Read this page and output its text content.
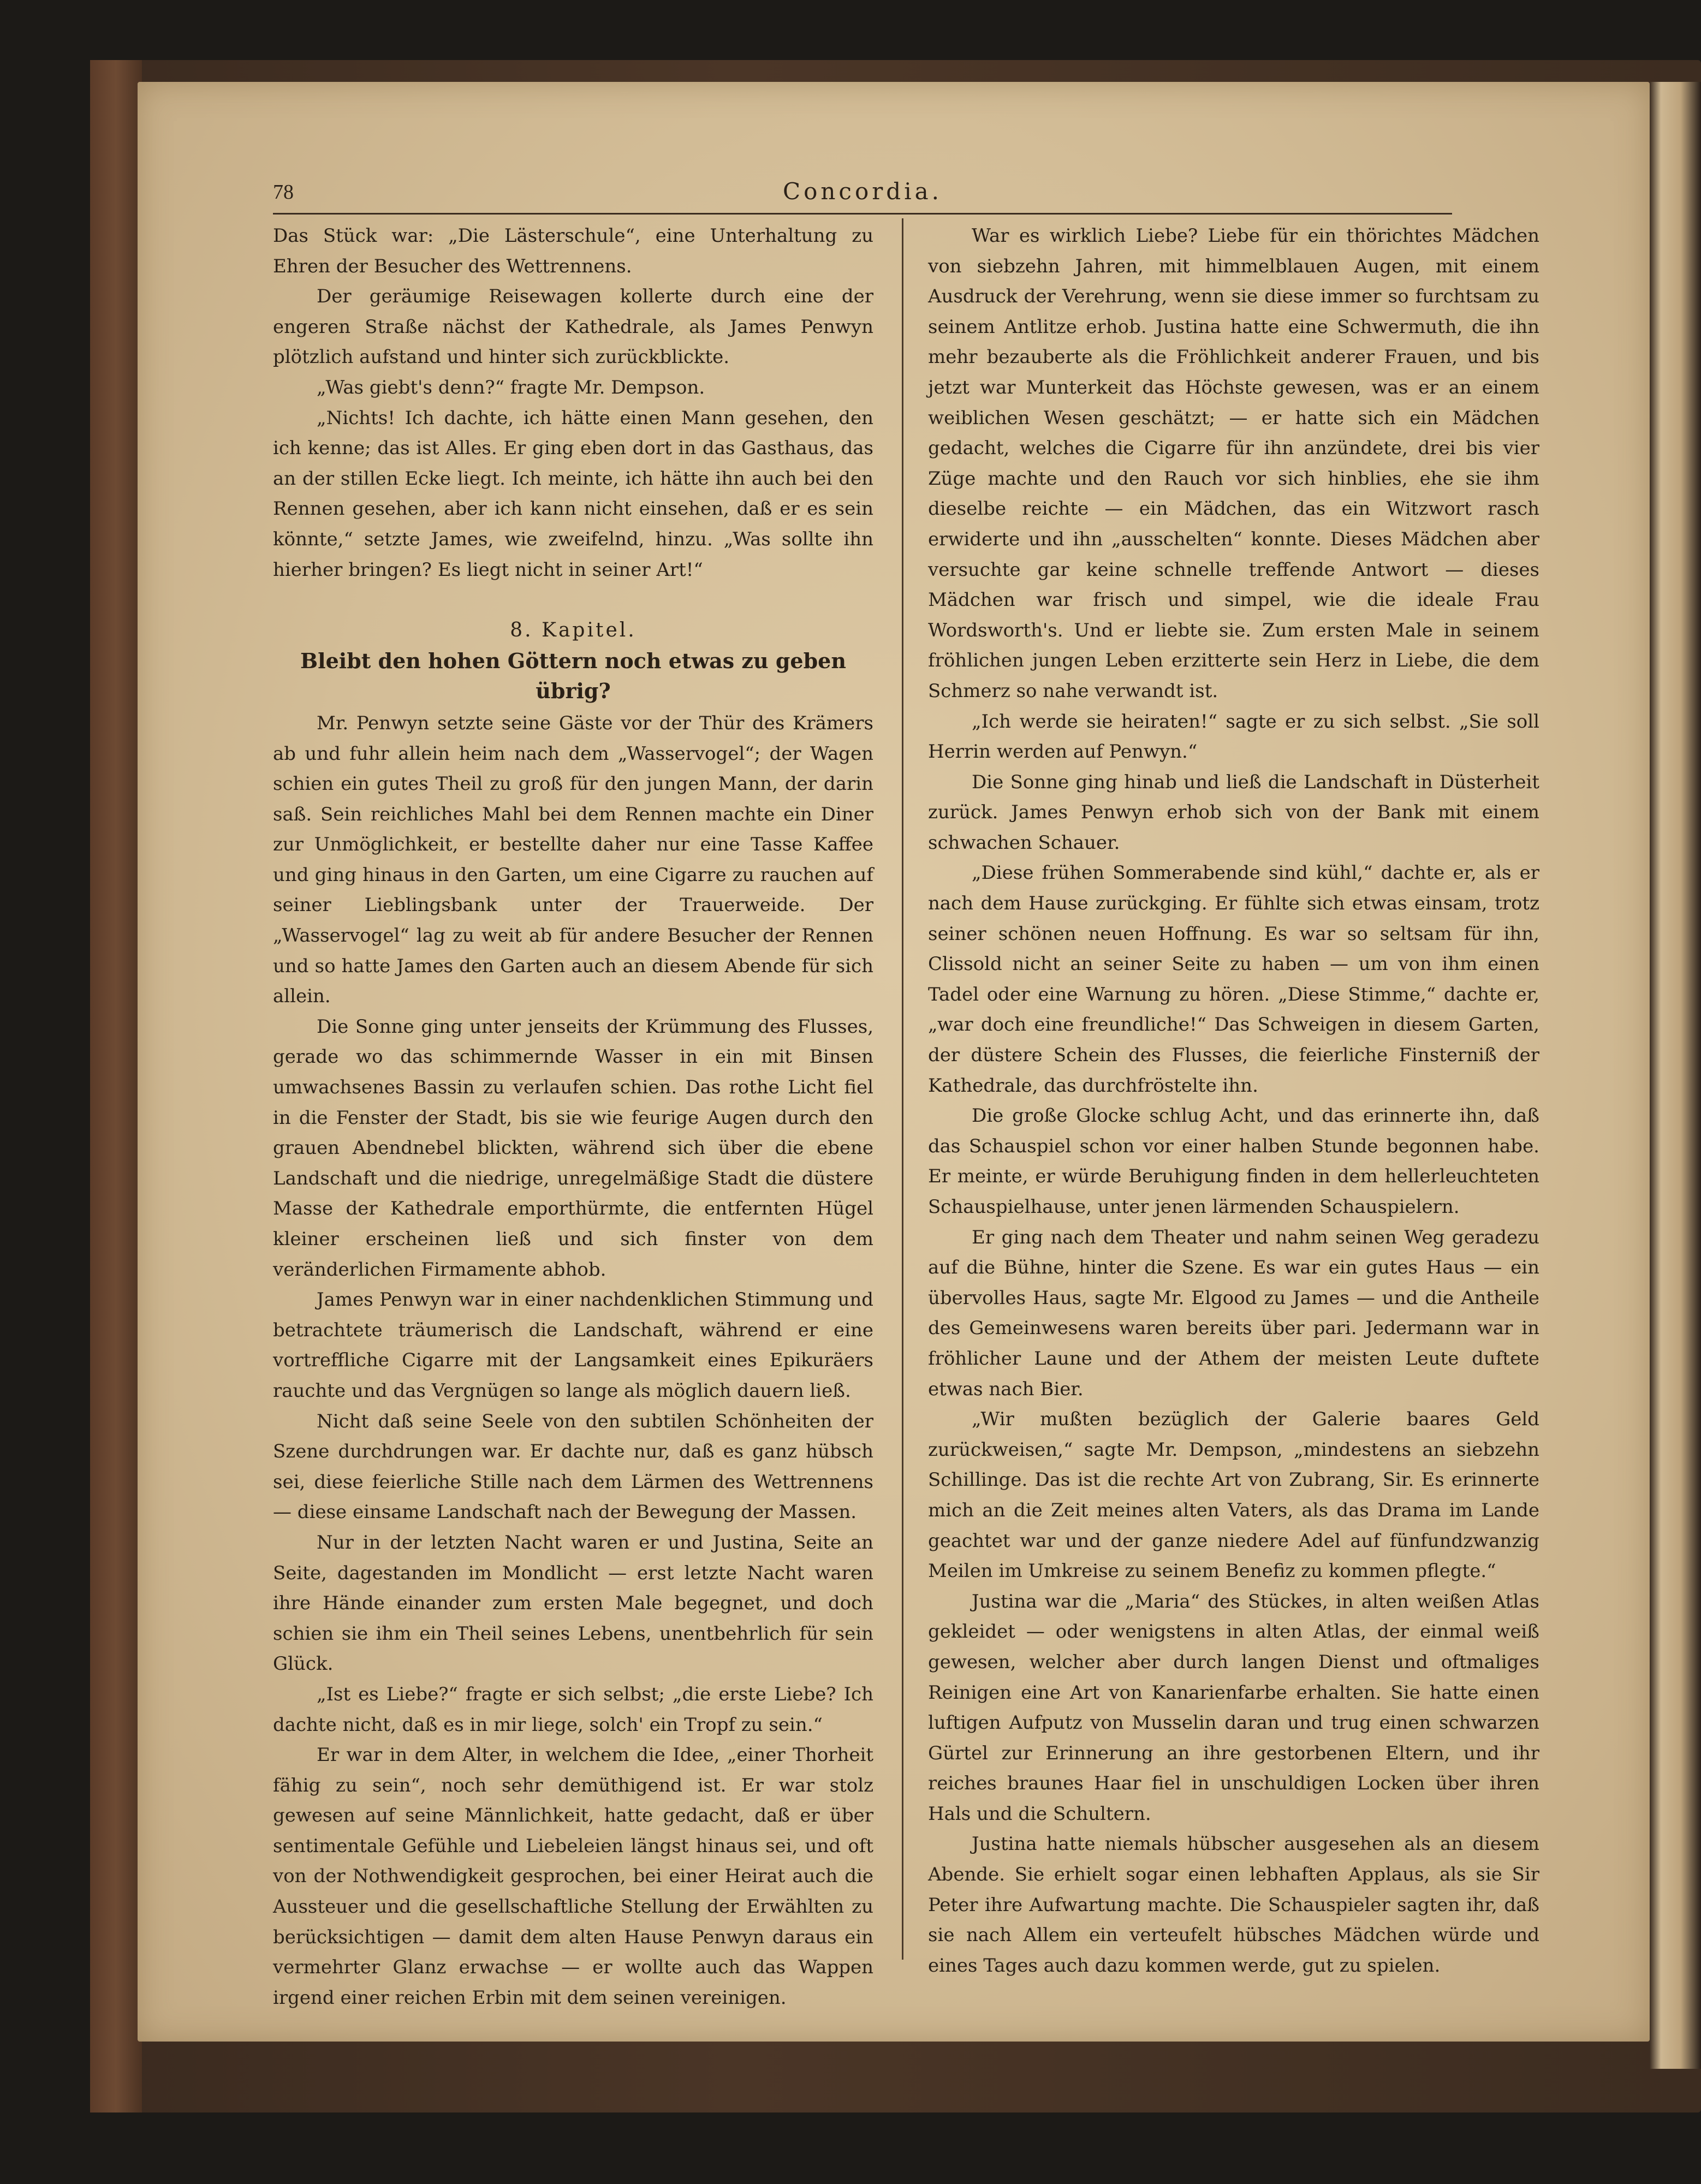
78	Concordia.

Das Stück war: „Die Lästerschule“, eine Unterhaltung zu Ehren der Besucher des Wettrennens.

Der geräumige Reisewagen kollerte durch eine der engeren Straße nächst der Kathedrale, als James Penwyn plötzlich aufstand und hinter sich zurückblickte.

„Was giebt's denn?“ fragte Mr. Dempson.

„Nichts! Ich dachte, ich hätte einen Mann gesehen, den ich kenne; das ist Alles. Er ging eben dort in das Gasthaus, das an der stillen Ecke liegt. Ich meinte, ich hätte ihn auch bei den Rennen gesehen, aber ich kann nicht einsehen, daß er es sein könnte,“ setzte James, wie zweifelnd, hinzu. „Was sollte ihn hierher bringen? Es liegt nicht in seiner Art!“

8. Kapitel.
Bleibt den hohen Göttern noch etwas zu geben übrig?

Mr. Penwyn setzte seine Gäste vor der Thür des Krämers ab und fuhr allein heim nach dem „Wasservogel“; der Wagen schien ein gutes Theil zu groß für den jungen Mann, der darin saß. Sein reichliches Mahl bei dem Rennen machte ein Diner zur Unmöglichkeit, er bestellte daher nur eine Tasse Kaffee und ging hinaus in den Garten, um eine Cigarre zu rauchen auf seiner Lieblingsbank unter der Trauerweide. Der „Wasservogel“ lag zu weit ab für andere Besucher der Rennen und so hatte James den Garten auch an diesem Abende für sich allein.

Die Sonne ging unter jenseits der Krümmung des Flusses, gerade wo das schimmernde Wasser in ein mit Binsen umwachsenes Bassin zu verlaufen schien. Das rothe Licht fiel in die Fenster der Stadt, bis sie wie feurige Augen durch den grauen Abendnebel blickten, während sich über die ebene Landschaft und die niedrige, unregelmäßige Stadt die düstere Masse der Kathedrale emporthürmte, die entfernten Hügel kleiner erscheinen ließ und sich finster von dem veränderlichen Firmamente abhob.

James Penwyn war in einer nachdenklichen Stimmung und betrachtete träumerisch die Landschaft, während er eine vortreffliche Cigarre mit der Langsamkeit eines Epikuräers rauchte und das Vergnügen so lange als möglich dauern ließ.

Nicht daß seine Seele von den subtilen Schönheiten der Szene durchdrungen war. Er dachte nur, daß es ganz hübsch sei, diese feierliche Stille nach dem Lärmen des Wettrennens — diese einsame Landschaft nach der Bewegung der Massen.

Nur in der letzten Nacht waren er und Justina, Seite an Seite, dagestanden im Mondlicht — erst letzte Nacht waren ihre Hände einander zum ersten Male begegnet, und doch schien sie ihm ein Theil seines Lebens, unentbehrlich für sein Glück.

„Ist es Liebe?“ fragte er sich selbst; „die erste Liebe? Ich dachte nicht, daß es in mir liege, solch' ein Tropf zu sein.“

Er war in dem Alter, in welchem die Idee, „einer Thorheit fähig zu sein“, noch sehr demüthigend ist. Er war stolz gewesen auf seine Männlichkeit, hatte gedacht, daß er über sentimentale Gefühle und Liebeleien längst hinaus sei, und oft von der Nothwendigkeit gesprochen, bei einer Heirat auch die Aussteuer und die gesellschaftliche Stellung der Erwählten zu berücksichtigen — damit dem alten Hause Penwyn daraus ein vermehrter Glanz erwachse — er wollte auch das Wappen irgend einer reichen Erbin mit dem seinen vereinigen.

War es wirklich Liebe? Liebe für ein thörichtes Mädchen von siebzehn Jahren, mit himmelblauen Augen, mit einem Ausdruck der Verehrung, wenn sie diese immer so furchtsam zu seinem Antlitze erhob. Justina hatte eine Schwermuth, die ihn mehr bezauberte als die Fröhlichkeit anderer Frauen, und bis jetzt war Munterkeit das Höchste gewesen, was er an einem weiblichen Wesen geschätzt; — er hatte sich ein Mädchen gedacht, welches die Cigarre für ihn anzündete, drei bis vier Züge machte und den Rauch vor sich hinblies, ehe sie ihm dieselbe reichte — ein Mädchen, das ein Witzwort rasch erwiderte und ihn „ausschelten“ konnte. Dieses Mädchen aber versuchte gar keine schnelle treffende Antwort — dieses Mädchen war frisch und simpel, wie die ideale Frau Wordsworth's. Und er liebte sie. Zum ersten Male in seinem fröhlichen jungen Leben erzitterte sein Herz in Liebe, die dem Schmerz so nahe verwandt ist.

„Ich werde sie heiraten!“ sagte er zu sich selbst. „Sie soll Herrin werden auf Penwyn.“

Die Sonne ging hinab und ließ die Landschaft in Düsterheit zurück. James Penwyn erhob sich von der Bank mit einem schwachen Schauer.

„Diese frühen Sommerabende sind kühl,“ dachte er, als er nach dem Hause zurückging. Er fühlte sich etwas einsam, trotz seiner schönen neuen Hoffnung. Es war so seltsam für ihn, Clissold nicht an seiner Seite zu haben — um von ihm einen Tadel oder eine Warnung zu hören. „Diese Stimme,“ dachte er, „war doch eine freundliche!“ Das Schweigen in diesem Garten, der düstere Schein des Flusses, die feierliche Finsterniß der Kathedrale, das durchfröstelte ihn.

Die große Glocke schlug Acht, und das erinnerte ihn, daß das Schauspiel schon vor einer halben Stunde begonnen habe. Er meinte, er würde Beruhigung finden in dem hellerleuchteten Schauspielhause, unter jenen lärmenden Schauspielern.

Er ging nach dem Theater und nahm seinen Weg geradezu auf die Bühne, hinter die Szene. Es war ein gutes Haus — ein übervolles Haus, sagte Mr. Elgood zu James — und die Antheile des Gemeinwesens waren bereits über pari. Jedermann war in fröhlicher Laune und der Athem der meisten Leute duftete etwas nach Bier.

„Wir mußten bezüglich der Galerie baares Geld zurückweisen,“ sagte Mr. Dempson, „mindestens an siebzehn Schillinge. Das ist die rechte Art von Zubrang, Sir. Es erinnerte mich an die Zeit meines alten Vaters, als das Drama im Lande geachtet war und der ganze niedere Adel auf fünfundzwanzig Meilen im Umkreise zu seinem Benefiz zu kommen pflegte.“

Justina war die „Maria“ des Stückes, in alten weißen Atlas gekleidet — oder wenigstens in alten Atlas, der einmal weiß gewesen, welcher aber durch langen Dienst und oftmaliges Reinigen eine Art von Kanarienfarbe erhalten. Sie hatte einen luftigen Aufputz von Musselin daran und trug einen schwarzen Gürtel zur Erinnerung an ihre gestorbenen Eltern, und ihr reiches braunes Haar fiel in unschuldigen Locken über ihren Hals und die Schultern.

Justina hatte niemals hübscher ausgesehen als an diesem Abende. Sie erhielt sogar einen lebhaften Applaus, als sie Sir Peter ihre Aufwartung machte. Die Schauspieler sagten ihr, daß sie nach Allem ein verteufelt hübsches Mädchen würde und eines Tages auch dazu kommen werde, gut zu spielen.
